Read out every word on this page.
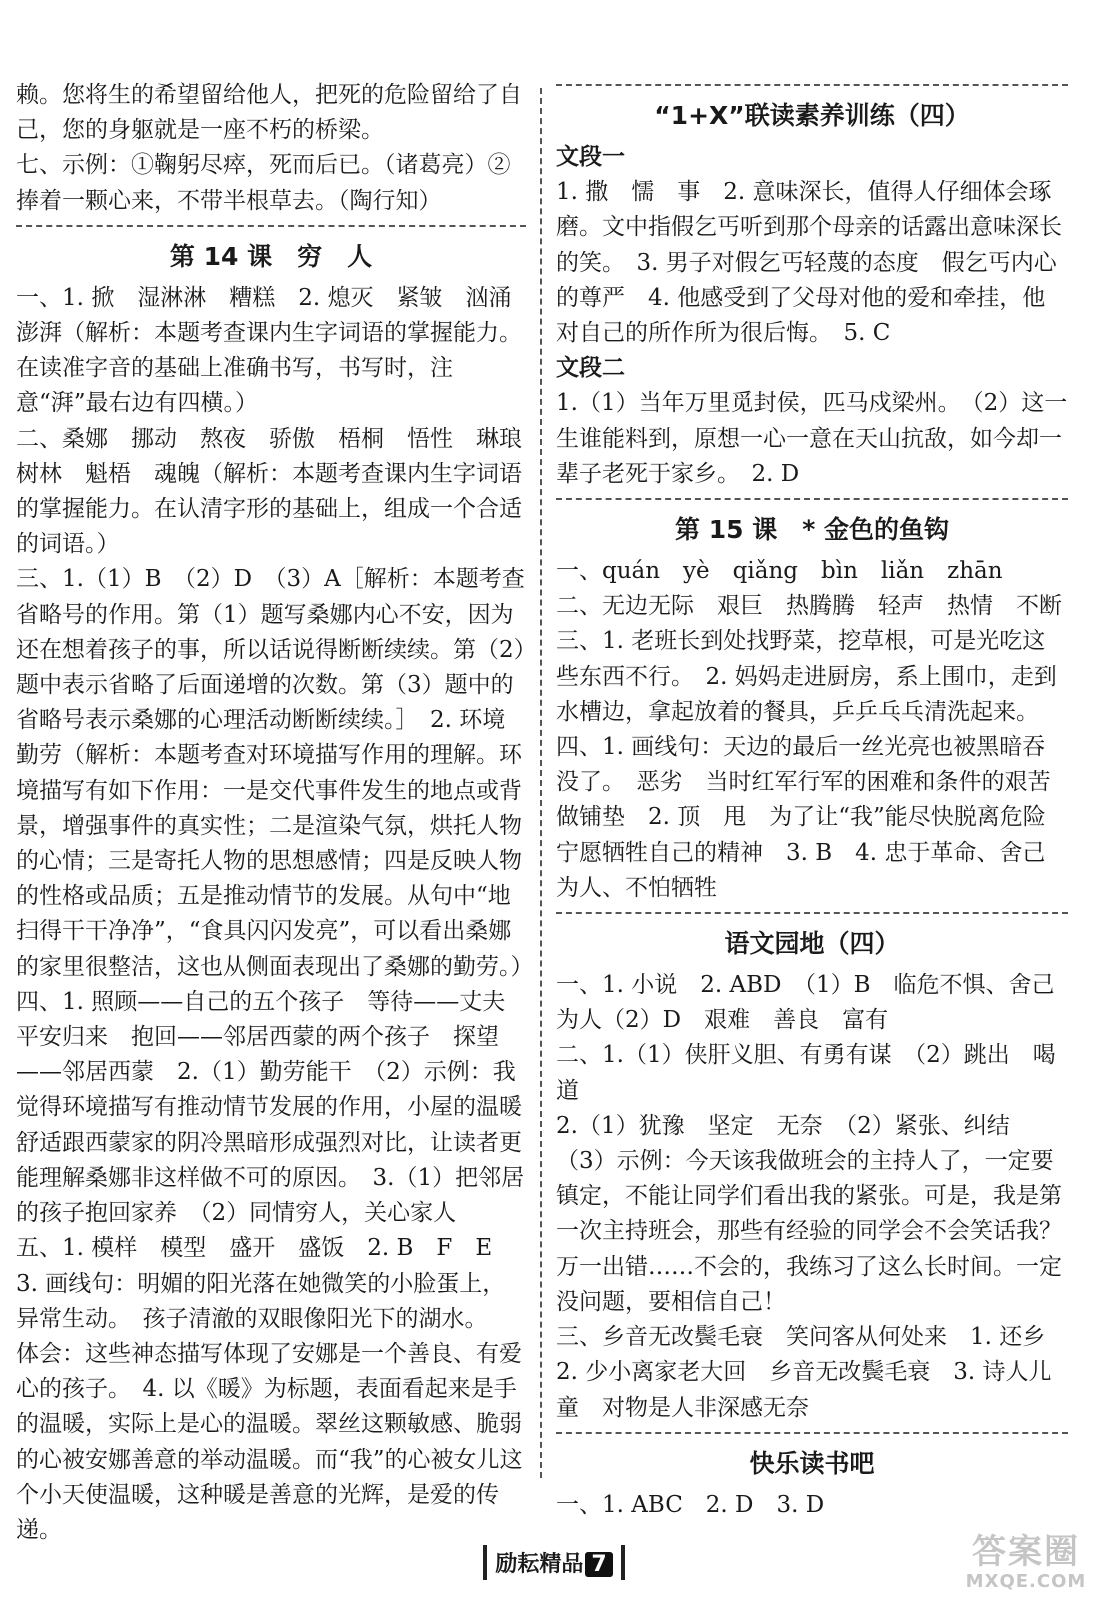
赖。您将生的希望留给他人，把死的危险留给了自己，您的身躯就是一座不朽的桥梁。

七、示例：①鞠躬尽瘁，死而后已。（诸葛亮）②捧着一颗心来，不带半根草去。（陶行知）

第 14 课　穷　人

一、1. 掀　湿淋淋　糟糕　2. 熄灭　紧皱　汹涌澎湃（解析：本题考查课内生字词语的掌握能力。在读准字音的基础上准确书写，书写时，注意“湃”最右边有四横。）

二、桑娜　挪动　熬夜　骄傲　梧桐　悟性　琳琅　树林　魁梧　魂魄（解析：本题考查课内生字词语的掌握能力。在认清字形的基础上，组成一个合适的词语。）

三、1.（1）B　（2）D　（3）A［解析：本题考查省略号的作用。第（1）题写桑娜内心不安，因为还在想着孩子的事，所以话说得断断续续。第（2）题中表示省略了后面递增的次数。第（3）题中的省略号表示桑娜的心理活动断断续续。］　2. 环境　勤劳（解析：本题考查对环境描写作用的理解。环境描写有如下作用：一是交代事件发生的地点或背景，增强事件的真实性；二是渲染气氛，烘托人物的心情；三是寄托人物的思想感情；四是反映人物的性格或品质；五是推动情节的发展。从句中“地扫得干干净净”，“食具闪闪发亮”，可以看出桑娜的家里很整洁，这也从侧面表现出了桑娜的勤劳。）

四、1. 照顾——自己的五个孩子　等待——丈夫平安归来　抱回——邻居西蒙的两个孩子　探望——邻居西蒙　2.（1）勤劳能干　（2）示例：我觉得环境描写有推动情节发展的作用，小屋的温暖舒适跟西蒙家的阴冷黑暗形成强烈对比，让读者更能理解桑娜非这样做不可的原因。　3.（1）把邻居的孩子抱回家养　（2）同情穷人，关心家人

五、1. 模样　模型　盛开　盛饭　2. B　F　E

3. 画线句：明媚的阳光落在她微笑的小脸蛋上，异常生动。　孩子清澈的双眼像阳光下的湖水。

体会：这些神态描写体现了安娜是一个善良、有爱心的孩子。　4. 以《暖》为标题，表面看起来是手的温暖，实际上是心的温暖。翠丝这颗敏感、脆弱的心被安娜善意的举动温暖。而“我”的心被女儿这个小天使温暖，这种暖是善意的光辉，是爱的传递。

“1+X”联读素养训练（四）

文段一

1. 撒　懦　事　2. 意味深长，值得人仔细体会琢磨。文中指假乞丐听到那个母亲的话露出意味深长的笑。　3. 男子对假乞丐轻蔑的态度　假乞丐内心的尊严　4. 他感受到了父母对他的爱和牵挂，他对自己的所作所为很后悔。　5. C

文段二

1.（1）当年万里觅封侯，匹马戍梁州。　（2）这一生谁能料到，原想一心一意在天山抗敌，如今却一辈子老死于家乡。　2. D

第 15 课　* 金色的鱼钩

一、quán　yè　qiǎng　bìn　liǎn　zhān

二、无边无际　艰巨　热腾腾　轻声　热情　不断

三、1. 老班长到处找野菜，挖草根，可是光吃这些东西不行。　2. 妈妈走进厨房，系上围巾，走到水槽边，拿起放着的餐具，乒乒乓乓清洗起来。

四、1. 画线句：天边的最后一丝光亮也被黑暗吞没了。　恶劣　当时红军行军的困难和条件的艰苦做铺垫　2. 顶　甩　为了让“我”能尽快脱离危险宁愿牺牲自己的精神　3. B　4. 忠于革命、舍己为人、不怕牺牲

语文园地（四）

一、1. 小说　2. ABD　（1）B　临危不惧、舍己为人（2）D　艰难　善良　富有

二、1.（1）侠肝义胆、有勇有谋　（2）跳出　喝道

2.（1）犹豫　坚定　无奈　（2）紧张、纠结

（3）示例：今天该我做班会的主持人了，一定要镇定，不能让同学们看出我的紧张。可是，我是第一次主持班会，那些有经验的同学会不会笑话我？万一出错……不会的，我练习了这么长时间。一定没问题，要相信自己！

三、乡音无改鬓毛衰　笑问客从何处来　1. 还乡 2. 少小离家老大回　乡音无改鬓毛衰　3. 诗人儿童　对物是人非深感无奈

快乐读书吧

一、1. ABC　2. D　3. D

励耘精品 7	答案圈
MXQE.COM
